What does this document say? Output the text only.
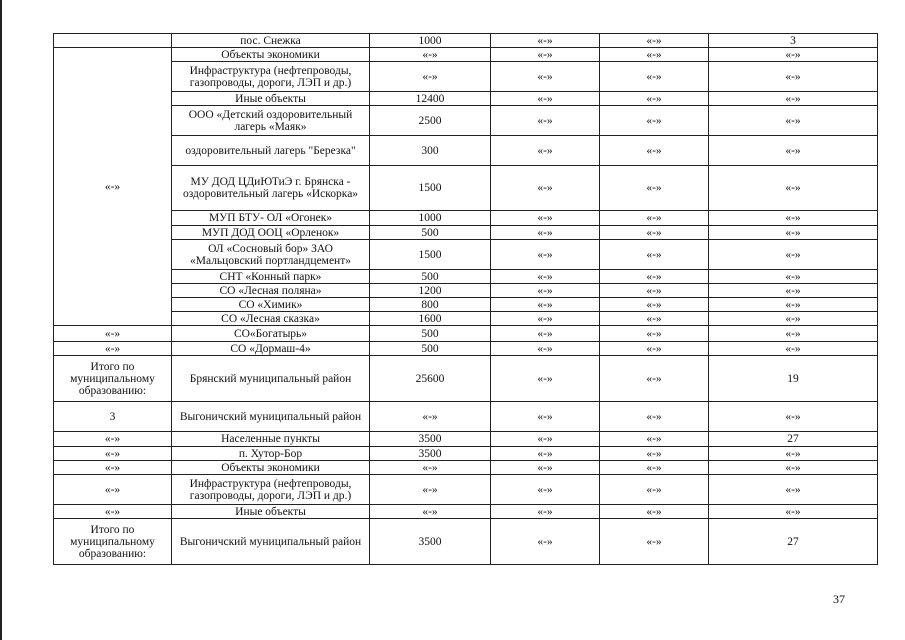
	пос. Снежка	1000	«-»	«-»	3
«-»	Объекты экономики	«-»	«-»	«-»	«-»
	Инфраструктура (нефтепроводы, газопроводы, дороги, ЛЭП и др.)	«-»	«-»	«-»	«-»
	Иные объекты	12400	«-»	«-»	«-»
	ООО «Детский оздоровительный лагерь «Маяк»	2500	«-»	«-»	«-»
	оздоровительный лагерь "Березка"	300	«-»	«-»	«-»
	МУ ДОД ЦДиЮТиЭ г. Брянска - оздоровительный лагерь «Искорка»	1500	«-»	«-»	«-»
	МУП БТУ- ОЛ «Огонек»	1000	«-»	«-»	«-»
	МУП ДОД ООЦ «Орленок»	500	«-»	«-»	«-»
	ОЛ «Сосновый бор» ЗАО «Мальцовский портландцемент»	1500	«-»	«-»	«-»
	СНТ «Конный парк»	500	«-»	«-»	«-»
	СО «Лесная поляна»	1200	«-»	«-»	«-»
	СО «Химик»	800	«-»	«-»	«-»
	СО «Лесная сказка»	1600	«-»	«-»	«-»
«-»	СО«Богатырь»	500	«-»	«-»	«-»
«-»	СО «Дормаш-4»	500	«-»	«-»	«-»
Итого по муниципальному образованию:	Брянский муниципальный район	25600	«-»	«-»	19
3	Выгоничский муниципальный район	«-»	«-»	«-»	«-»
«-»	Населенные пункты	3500	«-»	«-»	27
«-»	п. Хутор-Бор	3500	«-»	«-»	«-»
«-»	Объекты экономики	«-»	«-»	«-»	«-»
«-»	Инфраструктура (нефтепроводы, газопроводы, дороги, ЛЭП и др.)	«-»	«-»	«-»	«-»
«-»	Иные объекты	«-»	«-»	«-»	«-»
Итого по муниципальному образованию:	Выгоничский муниципальный район	3500	«-»	«-»	27
37
